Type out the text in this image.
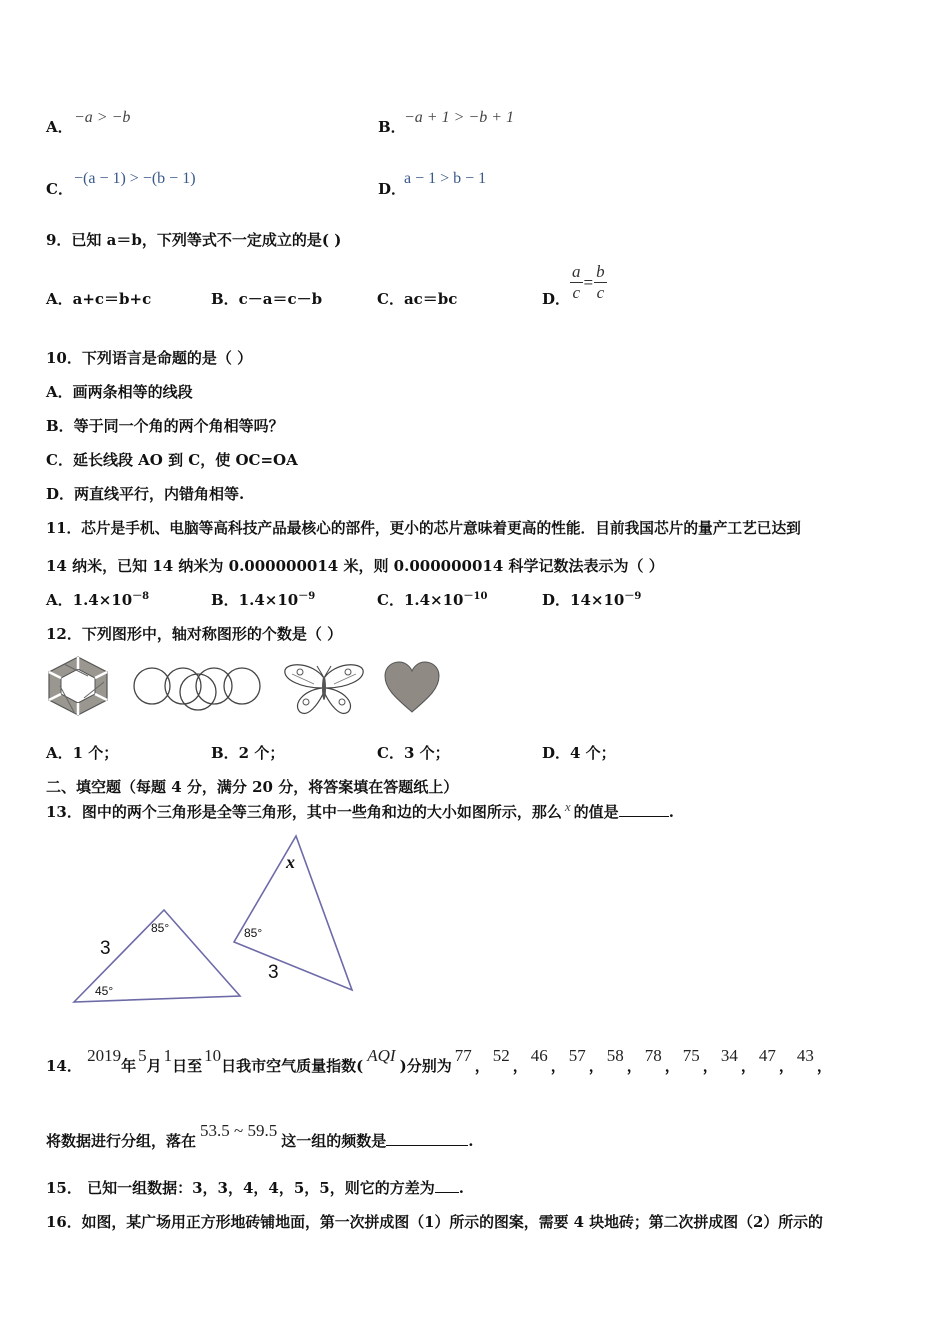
A．
−a > −b
B．
−a + 1 > −b + 1
C．
−(a − 1) > −(b − 1)
D．
a − 1 > b − 1
9．已知 a＝b，下列等式不一定成立的是( )
A．a+c＝b+c	B．c－a＝c－b	C．ac＝bc	D． $\frac{a}{c} = \frac{b}{c}$
10．下列语言是命题的是（ ）
A．画两条相等的线段
B．等于同一个角的两个角相等吗？
C．延长线段 AO 到 C，使 OC=OA
D．两直线平行，内错角相等.
11．芯片是手机、电脑等高科技产品最核心的部件，更小的芯片意味着更高的性能．目前我国芯片的量产工艺已达到
14 纳米，已知 14 纳米为 0.000000014 米，则 0.000000014 科学记数法表示为（ ）
A．$1.4\times 10^{-8}$	B．$1.4\times 10^{-9}$	C．$1.4\times 10^{-10}$	D．$14\times 10^{-9}$
12．下列图形中，轴对称图形的个数是（ ）
A．1 个；	B．2 个；	C．3 个；	D．4 个；
二、填空题（每题 4 分，满分 20 分，将答案填在答题纸上）
13．图中的两个三角形是全等三角形，其中一些角和边的大小如图所示，那么 x 的值是	.
3
85°
45°
x
85°
3
14． 2019年5月1日至10日我市空气质量指数(AQI)分别为77，52，46，57，58，78，75，34，47，43，
将数据进行分组，落在53.5 ~ 59.5这一组的频数是	.
15． 已知一组数据：3，3，4，4，5，5，则它的方差为 .
16．如图，某广场用正方形地砖铺地面，第一次拼成图（1）所示的图案，需要 4 块地砖；第二次拼成图（2）所示的
